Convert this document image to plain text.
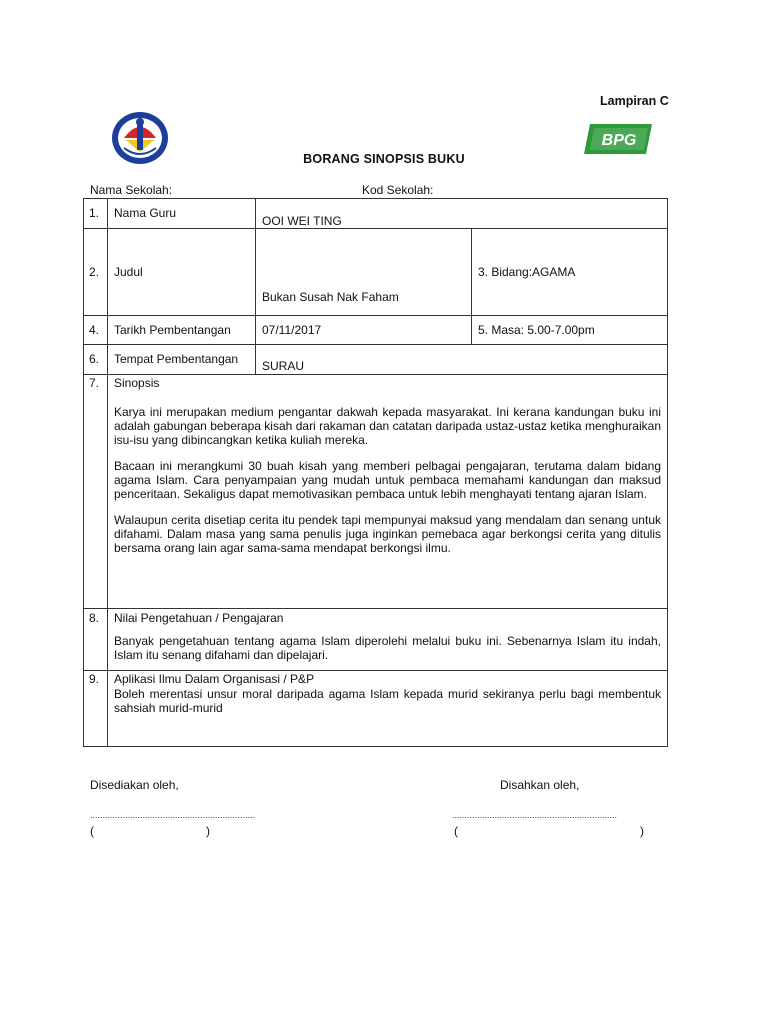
Lampiran C
BPG
BORANG SINOPSIS BUKU
Nama Sekolah:	Kod Sekolah:
1.	Nama Guru	OOI WEI TING	

2.	Judul	Bukan Susah Nak Faham	3. Bidang:AGAMA

4.	Tarikh Pembentangan	07/11/2017	5. Masa: 5.00-7.00pm

6.	Tempat Pembentangan	SURAU	

7.	Sinopsis

Karya ini merupakan medium pengantar dakwah kepada masyarakat. Ini kerana kandungan buku ini adalah gabungan beberapa kisah dari rakaman dan catatan daripada ustaz-ustaz ketika menghuraikan isu-isu yang dibincangkan ketika kuliah mereka.

Bacaan ini merangkumi 30 buah kisah yang memberi pelbagai pengajaran, terutama dalam bidang agama Islam. Cara penyampaian yang mudah untuk pembaca memahami kandungan dan maksud penceritaan. Sekaligus dapat memotivasikan pembaca untuk lebih menghayati tentang ajaran Islam.

Walaupun cerita disetiap cerita itu pendek tapi mempunyai maksud yang mendalam dan senang untuk difahami. Dalam masa yang sama penulis juga inginkan pemebaca agar berkongsi cerita yang ditulis bersama orang lain agar sama-sama mendapat berkongsi ilmu.		

8.	Nilai Pengetahuan / Pengajaran

Banyak pengetahuan tentang agama Islam diperolehi melalui buku ini. Sebenarnya Islam itu indah, Islam itu senang difahami dan dipelajari.		

9.	Aplikasi Ilmu Dalam Organisasi / P&P

Boleh merentasi unsur moral daripada agama Islam kepada murid sekiranya perlu bagi membentuk sahsiah murid-murid		

Disediakan oleh,	Disahkan oleh,
..................................................................	..................................................................
(	)	(	)
